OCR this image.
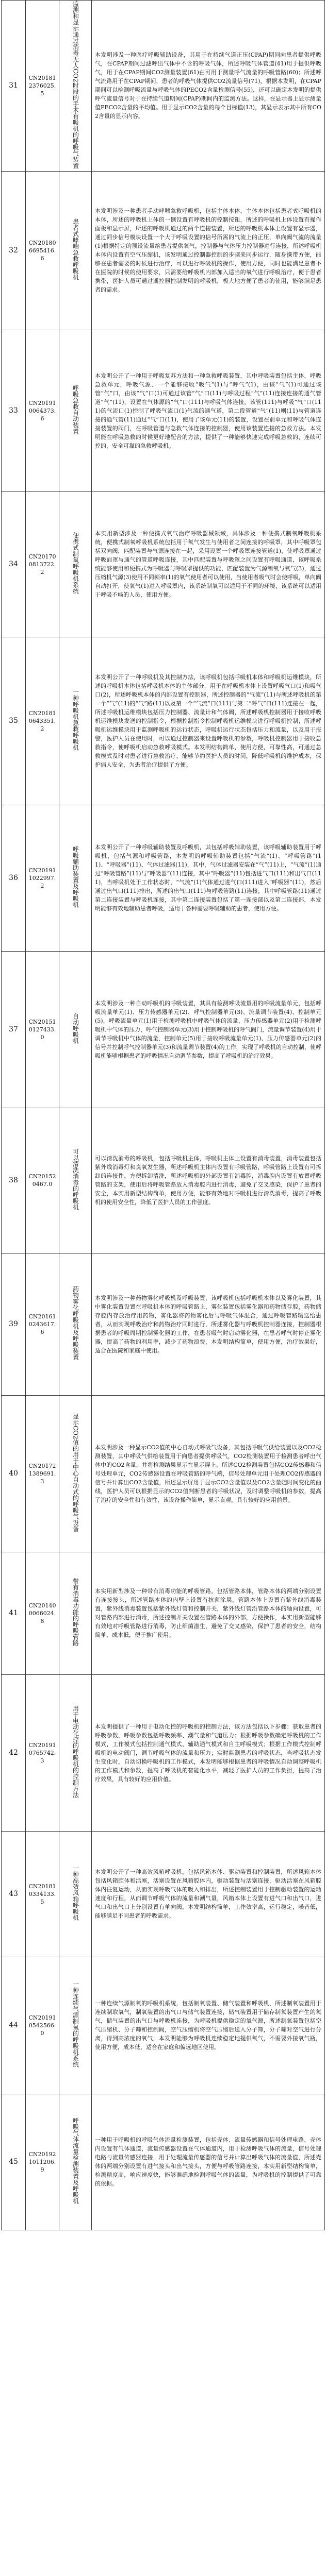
31	CN201812376025.5	监测和显示通过消毒无人CO2时段的手术有吸机的呼吸气装置	本发明涉及一种医疗呼吸辅助设备，其用于在持续气道正压(CPAP)期间向患者提供呼吸气，在CPAP期间过滤呼出气体中不含的呼吸气体，所述呼吸气体管道(41)用于提供呼吸气，用于在CPAP期间CO2测量装置(61)由可用于测量呼气流量的呼吸管路(60)；所述呼气流路用于在CPAP期间，患者的呼吸气体提供CO2流量信号(71)，根据本发明，在CPAP期间可以检测呼吸流量与呼吸气体的PECO2含量检测信号(55)，还可以确定本发明的提供呼气流量信号对于在持续气道期间(CPAP)期间内的监测方法。这样，在显示器上显示测量值PECO2含量的平均值。用于显示CO2含量的每个目标值(13)，其显示表示其中所有CO2含量的显示内容。
32	CN201806695416.6	患者式哮喘急救呼吸机	本发明涉及一种患者手动哮喘急救呼吸机，包括主体本体，主体本体包括患者式呼吸机的本体，所述的呼吸机上体的一侧设置有呼吸机的控制按钮，所述的呼吸机上体设置有操作面板和显示屏，所述的呼吸机通过的两个连接装置，所述的呼吸机本体上设置有显示器，通过同步信号模块设置一个大于呼吸设置的信号所需的气流上的正压，单向阀气流的流量(1)根据特定的预设流量给患者提供氧气，控制器与气体压力控制器进行连接，所述呼吸机本体内设置有空气压缩机，该发明通过控制器控制的步骤来同步运行，随身携带方便，能够在患者需要的时候进行治疗，可以进行呼吸机的操作，使用方便，同时也能满足患者不在医院的时候的使用要求，只需要给呼吸机内部加入适当的氧气进行呼吸治疗，便于患者携带，医护人员可通过遥控器控制发明的呼吸机，极大地方便了患者的使用，能够满足患者的需求。
33	CN201910064373.6	呼吸急救自动装置	本发明公开了一种用于呼吸复苏方法和一种急救呼吸装置，其中呼吸装置包括主体，呼吸急救单元，呼吸气源、一个能够接收“吸气”(1)与“呼气”(1)，由该“气”(1)可通过该管“气”口，由该“气”口(1)可通过该管“气”口(11)与呼吸过程“气”(11)连接连接的通气管道“气”(11)，设置在气体源的“气”口(111)与呼吸气体连接，该管(111)与呼吸“气”口(111)的气流口(1)控制了呼吸气流口(1)气流的通气道，第二段管道“气”(11)则(11)与管道连接的通气管(11)通过“气”口(11)，使用了该单元(11)的装置，设置在前单元和呼吸气体连接装置的阀门，在呼吸管道与急救气体连接的控制器，使用该装置连接的急救方法。本发明能在呼吸急救的时候更好地配合的方法，提供了一种能够快速完成呼吸急救的，连续可控的，安全可靠的急救呼吸机。
34	CN201700813722.2	便携式制氧呼吸机系统	本实用新型涉及一种便携式氧气治疗呼吸器械领域，具体涉及一种便携式制氧呼吸机系统，便携式制氧呼吸机系统包括用于氧气发生与使用者之间连接的呼吸罩，其中呼吸罩包括双向阀，匹配装置与气源连接在一起，采用设置一个呼吸罩连接管道(1)，使呼吸罩通过呼吸面罩与通气的管道呼吸连接，其中匹配装置与呼吸罩之间设置有呼吸通道，该呼吸系统能够使用和便携式为呼吸器与呼吸罩提供的功能，匹配装置为气源制氧与氧气(3)，通过压缩机气源(3)使用不同频率(1)的氧气使用者可以使用，当使用者吸气时会使呼吸，单向阀自动打开，使氧气(1)进入呼吸罩内，该系统制氧可以适用于不同的环境，该系统可以适用于呼吸不畅的人员，使用方便。
35	CN201810643351.2	一种呼吸机急救呼吸机	本发明公开了一种呼吸机及其控制方法，该呼吸机包括呼吸机本体和呼吸机运维模块，所述的呼吸机本体包括呼吸机本体的主体部分，用于在呼吸机本体上设置呼吸气口(1)和吸气口(2)，所述呼吸机本体的内部设置有控制器，所述控制器的“气流”(11)与所述呼吸机的第一个“气”(11)的“气”路(11)以及第一个“气流”口(111)与第二“呼气”口(111)连接在一起，所述呼吸机运维模块包括压力控制器、流量计和气体阀，所述呼吸机控制器用于接收呼吸机运维模块发送的控制指令，根据控制指令控制呼吸机运维模块进行呼吸机控制；所述呼吸机运维模块用于监测呼吸机的运行状态，呼吸机运行状态包括压力和流量，以及用于报警，医护人员在使用时，可以通过控制器来设置呼吸机的参数，呼吸机控制器用于接收急救指令，使呼吸机启动急救呼吸模式。本发明结构简单，使用方便，可靠性高，可通过急救模式及时对患者进行急救治疗，能够节约医护人员的时间，降低呼吸机的维护成本，保护病人安全，为患者治疗提供了方便。
36	CN201911022997.2	呼吸辅助装置及呼吸机	本发明公开了一种呼吸辅助装置及呼吸机，其包括呼吸辅助装置，该呼吸辅助装置用于呼吸机，包括气源和呼吸管路，本发明的呼吸辅助装置包括“气流”(1)、“呼吸管路”(11)、“呼吸器”(11)、气体过滤器(11)，其中，气体过滤器安装在“气”(11)上，“气流”(1)通过“呼吸管路”(11)与“呼吸器”(11)连接，其中“呼吸器”(11)包括进气口(111)和出气口(111)，当呼吸机处于工作状态时，“气流”(1)气体通过进气口(111)进入“呼吸器”(11)，然后通过出气口(111)排出，所述的出气口(111)与呼吸管路(11)连接，其中呼吸管路(11)通过第二连接装置与呼吸机连接，其中第二连接装置包括了第一连接部以及第二连接部，本发明能够有效地辅助患者呼吸，适用于各种需要呼吸辅助的患者，使用方便。
37	CN201510127433.0	自动呼吸机	本发明涉及一种自动呼吸机的呼吸装置，其具有检测呼吸流量用的呼吸流量单元，包括呼吸流量单元(1)、压力传感器单元(2)、呼气控制器单元(3)、流量调节装置(4)、控制单元(5)，呼吸流量单元(1)用于检测呼吸机中呼吸气体的流量，压力传感器单元(2)用于检测呼吸机中气体的压力，呼气控制器单元(3)用于控制呼吸机的呼气阀门，流量调节装置(4)用于调节呼吸机中气体的流量，控制单元(5)用于接收呼吸流量单元(1)、压力传感器单元(2)的信号并控制呼气控制器单元(3)和流量调节装置(4)的工作，实现了呼吸机的自动控制，使呼吸机能够根据患者的呼吸情况自动调节参数，提高了呼吸机的治疗效果。
38	CN201520467.0	可以清洗消毒的呼吸机	可以清洗消毒的呼吸机，包括呼吸机主体，呼吸机主体上设置有消毒装置，消毒装置包括紫外线消毒灯和臭氧发生器，所述呼吸机主体内设置有呼吸管路，呼吸管路上设置有可拆卸的连接件，方便拆卸清洗，所述呼吸机的外部设置有消毒腔，消毒腔内设置有放置呼吸管路的支架，使用后将呼吸管路放入消毒腔内进行消毒，避免了交叉感染，保护了患者的安全，本实用新型结构简单，使用方便，能够有效地对呼吸机进行清洗消毒，提高了呼吸机的使用安全性，降低了医护人员的工作强度。
39	CN201610243617.6	药物雾化呼吸机及呼吸装置	本发明涉及一种药物雾化呼吸机及呼吸装置，该呼吸机包括呼吸机本体以及雾化装置，其中雾化装置设置在呼吸机本体的呼吸管路上，雾化装置包括雾化器和药物储存腔，药物储存腔内存放治疗用药物，雾化器将药物雾化后与呼吸气体混合，通过呼吸管路输送给患者，从而实现呼吸治疗和药物治疗同时进行，所述雾化器与呼吸机控制器连接，控制器根据患者的呼吸周期控制雾化器的工作，在患者吸气时启动雾化器，在患者呼气时停止雾化器，提高了药物的利用率，减少了药物浪费，本发明结构简单，使用方便，治疗效果好，适合在医院和家庭中使用。
40	CN201721389691.3	显示CO2值的用于中心自动式的呼吸气设备	本发明涉及一种显示CO2值的中心自动式呼吸气设备，其包括呼吸气供给装置以及CO2检测装置，其中呼吸气供给装置用于向患者提供呼吸气，CO2检测装置用于检测患者呼出气体中的CO2含量，并将检测结果显示在显示屏上，所述CO2检测装置包括CO2传感器和信号处理单元，CO2传感器设置在呼吸管路的呼气端，信号处理单元用于处理CO2传感器的信号并计算出CO2含量值，所述显示屏用于显示CO2含量值以及CO2含量随时间变化的曲线，医护人员可以根据显示的CO2值判断患者的呼吸状况，及时调整呼吸机的参数，提高了治疗的安全性和有效性，该设备操作简单，显示直观，具有较好的应用前景。
41	CN201400066024.8	带有消毒功能的呼吸管路	本实用新型涉及一种带有消毒功能的呼吸管路，包括管路本体，管路本体的两端分别设置有连接接头，所述管路本体的内壁上设置有抗菌涂层，管路本体上设置有紫外线消毒装置，紫外线消毒装置包括紫外线灯管和控制开关，紫外线灯管沿管路本体的轴向设置，可对管路内部进行消毒，所述控制开关设置在管路本体的外部，方便操作，本实用新型能够有效地对呼吸管路进行消毒，防止细菌滋生，避免了交叉感染，保护了患者的安全，结构简单，成本低，便于推广使用。
42	CN201910765742.3	用于电动化控的呼吸机的控制方法	本发明提供了一种用于电动化控的呼吸机的控制方法，该方法包括以下步骤：获取患者的呼吸参数，呼吸参数包括呼吸频率、潮气量和气道压力；根据呼吸参数确定呼吸机的工作模式，工作模式包括控制通气模式、辅助通气模式和自主呼吸模式；根据工作模式控制呼吸机的电动阀门，调节呼吸气体的流量和压力；实时监测患者的呼吸状态，当呼吸状态发生变化时，自动切换呼吸机的工作模式，本发明能够根据患者的呼吸情况自动调整呼吸机的工作模式和参数，提高了呼吸机的智能化水平，减轻了医护人员的工作负担，提高了治疗效果，具有较好的应用价值。
43	CN201810334133.5	一种高效风箱呼吸机	本发明公开了一种高效风箱呼吸机，包括风箱本体、驱动装置和控制装置，所述风箱本体包括风箱腔体和活塞，活塞设置在风箱腔体内，驱动装置与活塞连接，驱动活塞在风箱腔体内往复运动，从而实现呼吸气体的吸入和排出，所述控制装置用于控制驱动装置的运动速度和行程，从而调节呼吸气体的流量和潮气量，风箱本体上设置有进气口和出气口，进气口和出气口上分别设置有单向阀，本发明结构简单，工作效率高，运行稳定，噪音低，能够满足不同患者的呼吸需求。
44	CN201910542566.0	一种连续气源制氧的呼吸机系统	一种连续气源制氧的呼吸机系统，包括制氧装置、储气装置和呼吸机，所述制氧装置用于连续制取氧气，制氧装置的出气口与储气装置连接，储气装置用于储存制氧装置产生的氧气，储气装置的出气口与呼吸机连接，为呼吸机提供稳定的氧气源，所述制氧装置包括空气压缩机、分子筛和控制阀，空气压缩机将空气压缩后送入分子筛，分子筛对空气进行分离，得到高浓度的氧气，本发明能够为呼吸机连续稳定地提供氧气，不需要外接氧气瓶，使用方便，成本低，适合在家庭和偏远地区使用。
45	CN201921011206.9	呼吸气体流量检测装置及呼吸机	一种用于呼吸机的呼吸气体流量检测装置，包括壳体、流量传感器和信号处理电路，壳体内设置有气体通道，流量传感器设置在气体通道内，用于检测呼吸气体的流量，信号处理电路与流量传感器连接，用于处理流量传感器的信号并计算出呼吸气体的流量值，所述壳体的两端分别设置有进气接头和出气接头，方便与呼吸管路连接，本实用新型结构简单，检测精度高，响应速度快，能够准确地检测呼吸气体的流量，为呼吸机的控制提供了可靠的依据。
